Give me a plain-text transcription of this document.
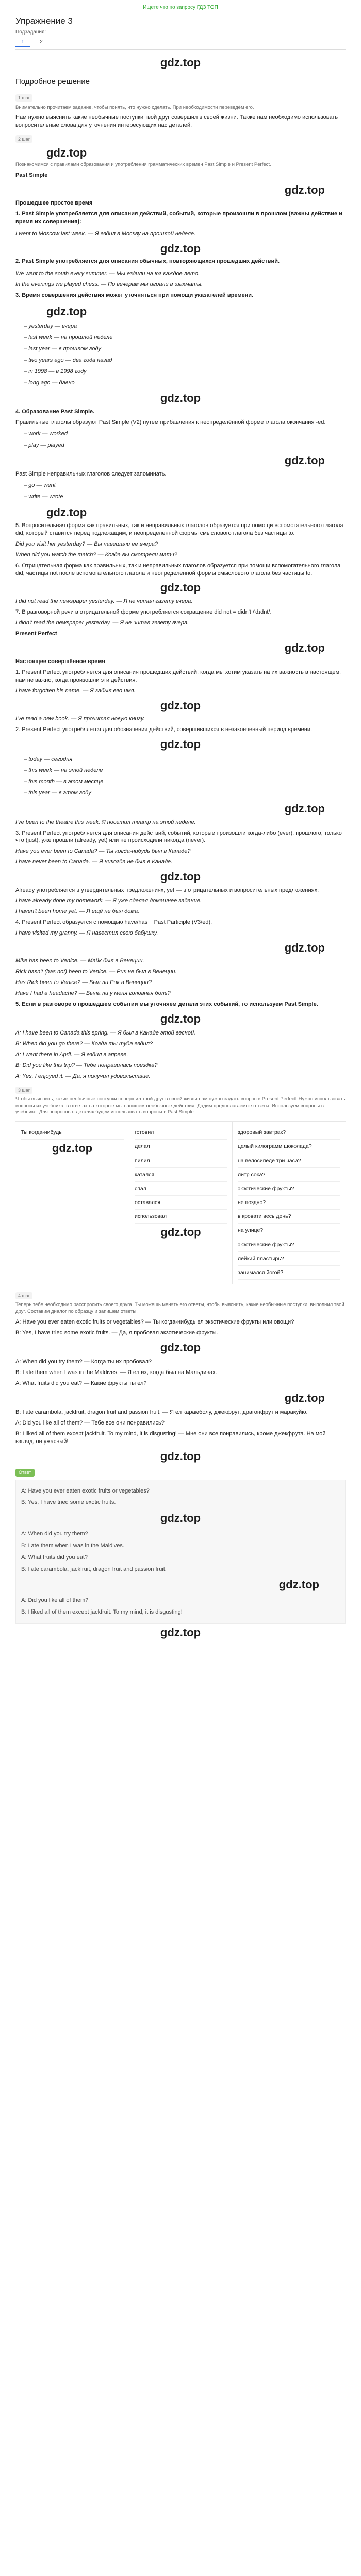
Ищете что по запросу ГДЗ ТОП
Упражнение 3
Подзадания:
1	2
gdz.top
Подробное решение
1 шаг
Внимательно прочитаем задание, чтобы понять, что нужно сделать. При необходимости переведём его.

Нам нужно выяснить какие необычные поступки твой друг совершил в своей жизни. Также нам необходимо использовать вопросительные слова для уточнения интересующих нас деталей.

2 шаг
gdz.top
Познакомимся с правилами образования и употребления грамматических времен Past Simple и Present Perfect.

Past Simple

gdz.top

Прошедшее простое время

1. Past Simple употребляется для описания действий, событий, которые произошли в прошлом (важны действие и время их совершения):

I went to Moscow last week. — Я ездил в Москву на прошлой неделе.

gdz.top

2. Past Simple употребляется для описания обычных, повторяющихся прошедших действий.

We went to the south every summer. — Мы ездили на юг каждое лето.

In the evenings we played chess. — По вечерам мы играли в шахматы.

3. Время совершения действия может уточняться при помощи указателей времени.

gdz.top
– yesterday — вчера
– last week — на прошлой неделе
– last year — в прошлом году
– two years ago — два года назад
– in 1998 — в 1998 году
– long ago — давно
gdz.top

4. Образование Past Simple.

Правильные глаголы образуют Past Simple (V2) путем прибавления к неопределённой форме глагола окончания -ed.

– work — worked
– play — played
gdz.top

Past Simple неправильных глаголов следует запоминать.

– go — went
– write — wrote
gdz.top

5. Вопросительная форма как правильных, так и неправильных глаголов образуется при помощи вспомогательного глагола did, который ставится перед подлежащим, и неопределенной формы смыслового глагола без частицы to.

Did you visit her yesterday? — Вы навещали ее вчера?

When did you watch the match? — Когда вы смотрели матч?

6. Отрицательная форма как правильных, так и неправильных глаголов образуется при помощи вспомогательного глагола did, частицы not после вспомогательного глагола и неопределенной формы смыслового глагола без частицы to.

gdz.top

I did not read the newspaper yesterday. — Я не читал газету вчера.

7. В разговорной речи в отрицательной форме употребляется сокращение did not = didn't /'dɪdnt/.

I didn't read the newspaper yesterday. — Я не читал газету вчера.

Present Perfect

gdz.top

Настоящее совершённое время

1. Present Perfect употребляется для описания прошедших действий, когда мы хотим указать на их важность в настоящем, нам не важно, когда произошли эти действия.

I have forgotten his name. — Я забыл его имя.

gdz.top

I've read a new book. — Я прочитал новую книгу.

2. Present Perfect употребляется для обозначения действий, совершившихся в незаконченный период времени.

gdz.top
– today — сегодня
– this week — на этой неделе
– this month — в этом месяце
– this year — в этом году
gdz.top

I've been to the theatre this week. Я посетил театр на этой неделе.

3. Present Perfect употребляется для описания действий, событий, которые произошли когда-либо (ever), прошлого, только что (just), уже прошли (already, yet) или не происходили никогда (never).

Have you ever been to Canada? — Ты когда-нибудь был в Канаде?

I have never been to Canada. — Я никогда не был в Канаде.

gdz.top

Already употребляется в утвердительных предложениях, yet — в отрицательных и вопросительных предложениях:

I have already done my homework. — Я уже сделал домашнее задание.

I haven't been home yet. — Я ещё не был дома.

4. Present Perfect образуется с помощью have/has + Past Participle (V3/ed).

I have visited my granny. — Я навестил свою бабушку.

gdz.top

Mike has been to Venice. — Майк был в Венеции.

Rick hasn't (has not) been to Venice. — Рик не был в Венеции.

Has Rick been to Venice? — Был ли Рик в Венеции?

Have I had a headache? — Была ли у меня головная боль?

5. Если в разговоре о прошедшем событии мы уточняем детали этих событий, то используем Past Simple.

gdz.top

A: I have been to Canada this spring. — Я был в Канаде этой весной.

B: When did you go there? — Когда ты туда ездил?

A: I went there in April. — Я ездил в апреле.

B: Did you like this trip? — Тебе понравилась поездка?

A: Yes, I enjoyed it. — Да, я получил удовольствие.

3 шаг
Чтобы выяснить, какие необычные поступки совершил твой друг в своей жизни нам нужно задать вопрос в Present Perfect. Нужно использовать вопросы из учебника, в ответах на которые мы напишем необычные действия. Дадим предполагаемые ответы. Используем вопросы в учебнике. Для вопросов о деталях будем использовать вопросы в Past Simple.
Ты когда-нибудь
gdz.top
готовил
делал
пилил
катался
спал
оставался
использовал
gdz.top
здоровый завтрак?
целый килограмм шоколада?
на велосипеде три часа?
литр сока?
экзотические фрукты?
не поздно?
в кровати весь день?
на улице?
экзотические фрукты?
лейкий пластырь?
занимался йогой?
4 шаг
Теперь тебе необходимо расспросить своего друга. Ты можешь менять его ответы, чтобы выяснить, какие необычные поступки, выполнил твой друг. Составим диалог по образцу и запишем ответы.

A: Have you ever eaten exotic fruits or vegetables? — Ты когда-нибудь ел экзотические фрукты или овощи?

B: Yes, I have tried some exotic fruits. — Да, я пробовал экзотические фрукты.

gdz.top

A: When did you try them? — Когда ты их пробовал?

B: I ate them when I was in the Maldives. — Я ел их, когда был на Мальдивах.

A: What fruits did you eat? — Какие фрукты ты ел?

gdz.top

B: I ate carambola, jackfruit, dragon fruit and passion fruit. — Я ел карамболу, джекфрут, драгонфрут и маракуйю.

A: Did you like all of them? — Тебе все они понравились?

B: I liked all of them except jackfruit. To my mind, it is disgusting! — Мне они все понравились, кроме джекфрута. На мой взгляд, он ужасный!

gdz.top
Ответ

A: Have you ever eaten exotic fruits or vegetables?

B: Yes, I have tried some exotic fruits.

gdz.top

A: When did you try them?

B: I ate them when I was in the Maldives.

A: What fruits did you eat?

B: I ate carambola, jackfruit, dragon fruit and passion fruit.

gdz.top

A: Did you like all of them?

B: I liked all of them except jackfruit. To my mind, it is disgusting!

gdz.top
